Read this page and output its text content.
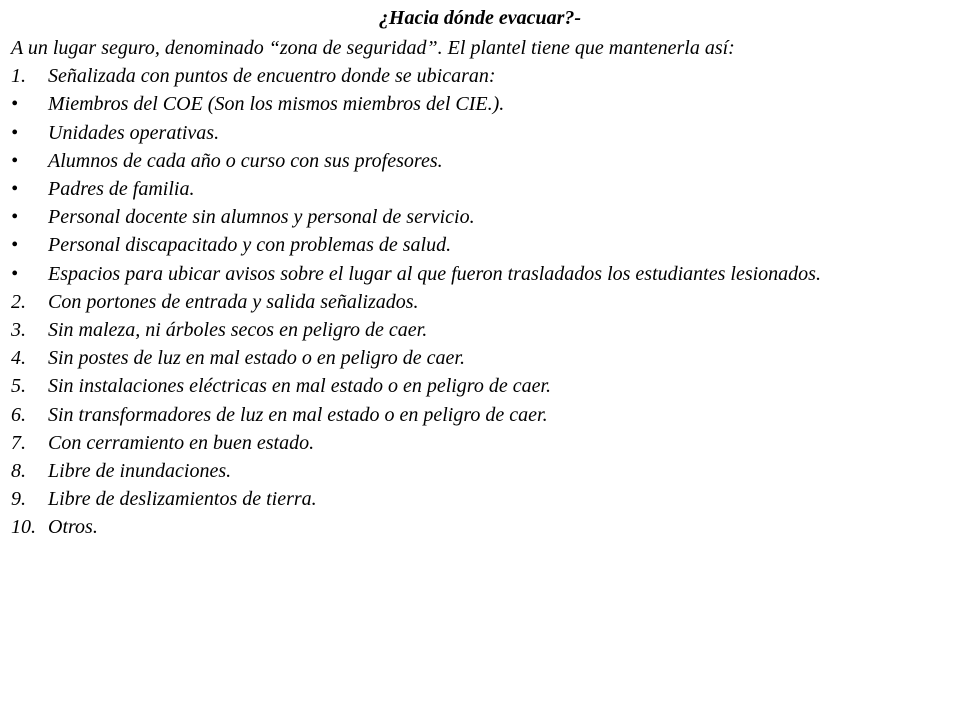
¿Hacia dónde evacuar?-
A un lugar seguro, denominado “zona de seguridad”. El plantel tiene que mantenerla así:
1.	Señalizada con puntos de encuentro donde se ubicaran:
•	Miembros del COE (Son los mismos miembros del CIE.).
•	Unidades operativas.
•	Alumnos de cada año o curso con sus profesores.
•	Padres de familia.
•	Personal docente sin alumnos y personal de servicio.
•	Personal discapacitado y con problemas de salud.
•	Espacios para ubicar avisos sobre el lugar al que fueron trasladados los estudiantes lesionados.
2.	Con portones de entrada y salida señalizados.
3.	Sin maleza, ni árboles secos en peligro de caer.
4.	Sin postes de luz en mal estado o en peligro de caer.
5.	Sin instalaciones eléctricas en mal estado o en peligro de caer.
6.	Sin transformadores de luz en mal estado o en peligro de caer.
7.	Con cerramiento en buen estado.
8.	Libre de inundaciones.
9.	Libre de deslizamientos de tierra.
10. Otros.
